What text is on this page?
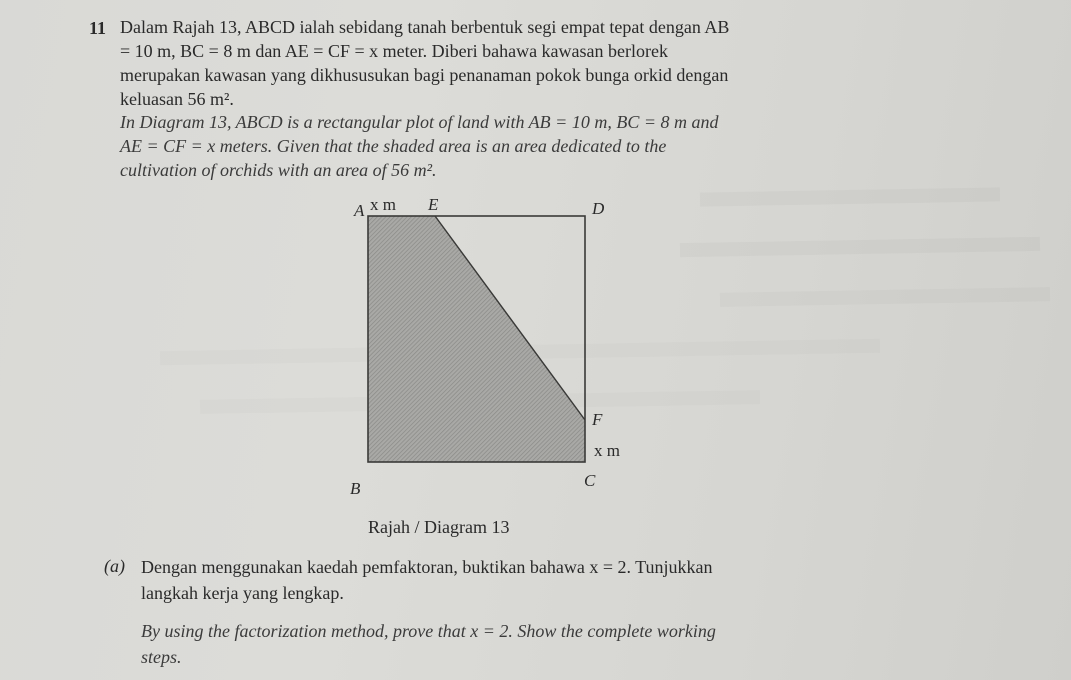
11 Dalam Rajah 13, ABCD ialah sebidang tanah berbentuk segi empat tepat dengan AB
= 10 m, BC = 8 m dan AE = CF = x meter. Diberi bahawa kawasan berlorek
merupakan kawasan yang dikhususukan bagi penanaman pokok bunga orkid dengan
keluasan 56 m².
In Diagram 13, ABCD is a rectangular plot of land with AB = 10 m, BC = 8 m and
AE = CF = x meters. Given that the shaded area is an area dedicated to the
cultivation of orchids with an area of 56 m².
A x m E	D
F
x m
B	C
Rajah / Diagram 13
(a) Dengan menggunakan kaedah pemfaktoran, buktikan bahawa x = 2. Tunjukkan
langkah kerja yang lengkap.
By using the factorization method, prove that x = 2. Show the complete working
steps.
